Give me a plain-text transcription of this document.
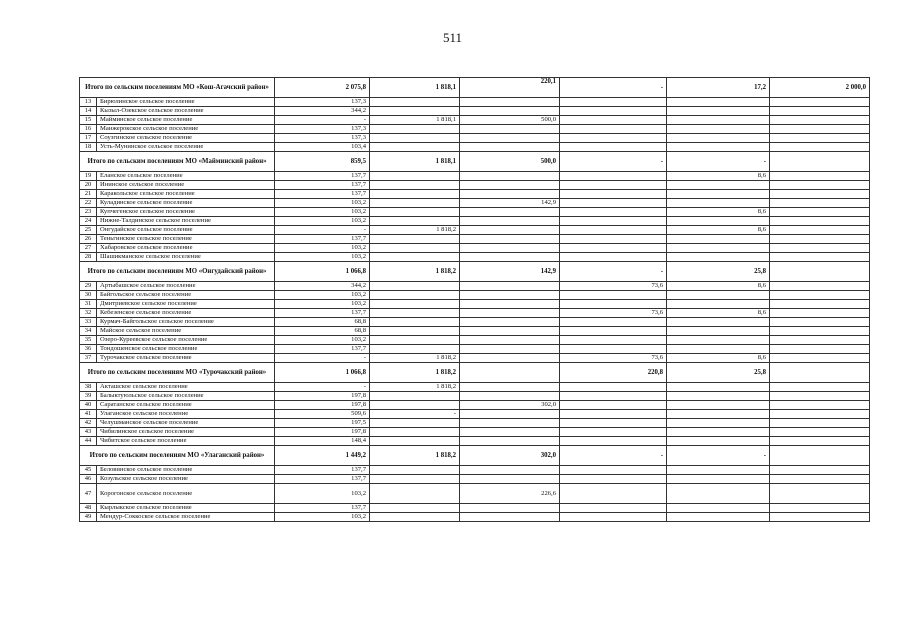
511
Итого по сельским поселениям МО «Кош-Агачский район»		2 075,8	1 818,1	220,1	-	17,2	2 000,0
13	Бирюлинское сельское поселение	137,3					
14	Кызыл-Озекское сельское поселение	344,2					
15	Майминское сельское поселение	-	1 818,1	500,0			
16	Манжерокское сельское поселение	137,3					
17	Соузгинское сельское поселение	137,3					
18	Усть-Мунинское сельское поселение	103,4					
Итого по сельским поселениям МО «Майминский район»		859,5	1 818,1	500,0	-	-	
19	Еланское сельское поселение	137,7				8,6	
20	Ининское сельское поселение	137,7					
21	Каракольское сельское поселение	137,7					
22	Куладинское сельское поселение	103,2		142,9			
23	Купчегенское сельское поселение	103,2				8,6	
24	Нижне-Талдинское сельское поселение	103,2					
25	Онгудайское сельское поселение	-	1 818,2			8,6	
26	Теньгинское сельское поселение	137,7					
27	Хабаровское сельское поселение	103,2					
28	Шашикманское сельское поселение	103,2					
Итого по сельским поселениям МО «Онгудайский район»		1 066,8	1 818,2	142,9	-	25,8	
29	Артыбашское сельское поселение	344,2			73,6	8,6	
30	Байгольское сельское поселение	103,2					
31	Дмитриевское сельское поселение	103,2					
32	Кебезенское сельское поселение	137,7			73,6	8,6	
33	Курмач-Байгольское сельское поселение	68,8					
34	Майское сельское поселение	68,8					
35	Озеро-Куреевское сельское поселение	103,2					
36	Тондошенское сельское поселение	137,7					
37	Турочакское сельское поселение	-	1 818,2		73,6	8,6	
Итого по сельским поселениям МО «Турочакский район»		1 066,8	1 818,2		220,8	25,8	
38	Акташское сельское поселение	-	1 818,2				
39	Балыктуюльское сельское поселение	197,8					
40	Саратанское сельское поселение	197,8		302,0			
41	Улаганское сельское поселение	509,6	-				
42	Челушманское сельское поселение	197,5					
43	Чибилинское сельское поселение	197,8					
44	Чибитское сельское поселение	148,4					
Итого по сельским поселениям МО «Улаганский район»		1 449,2	1 818,2	302,0	-	-	
45	Беловинское сельское поселение	137,7					
46	Козульское сельское поселение	137,7					
47	Корогонское сельское поселение	103,2		226,6			
48	Кырлыкское сельское поселение	137,7					
49	Мендур-Соккоское сельское поселение	103,2					
